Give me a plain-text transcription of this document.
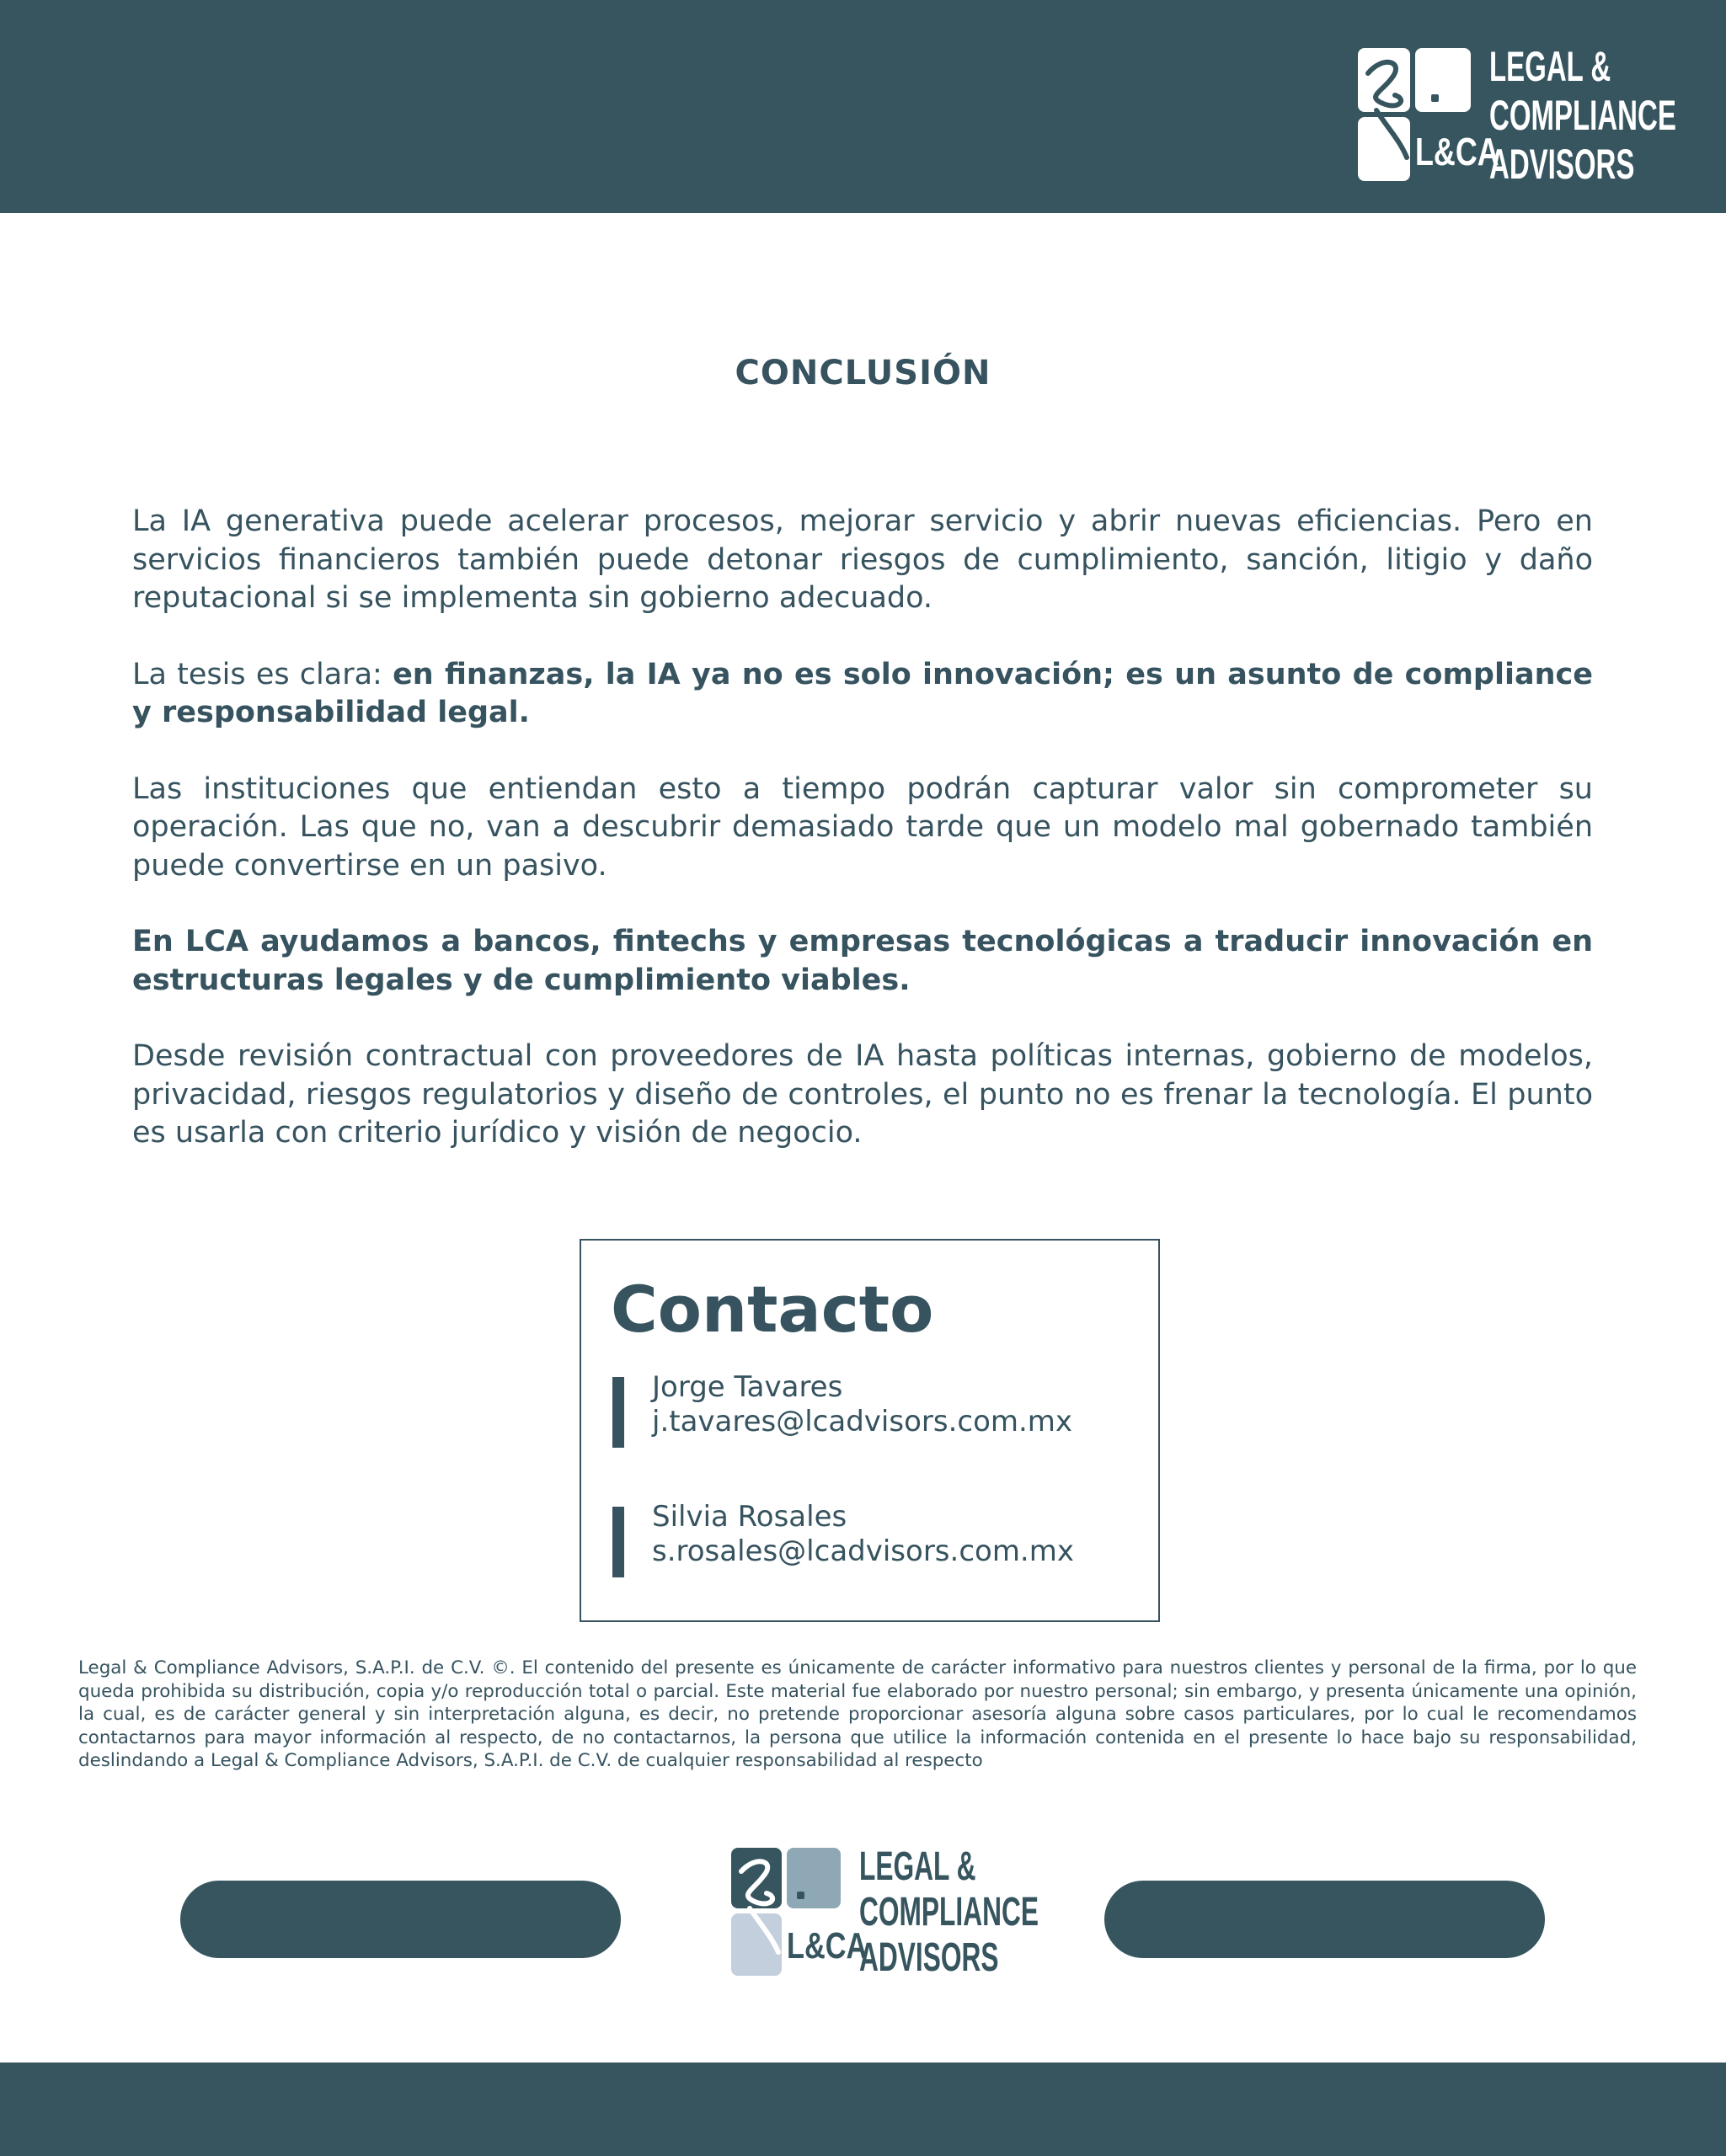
L&CA
LEGAL &
COMPLIANCE
ADVISORS
CONCLUSIÓN

La IA generativa puede acelerar procesos, mejorar servicio y abrir nuevas eficiencias. Pero en servicios financieros también puede detonar riesgos de cumplimiento, sanción, litigio y daño reputacional si se implementa sin gobierno adecuado.

La tesis es clara: en finanzas, la IA ya no es solo innovación; es un asunto de compliance y responsabilidad legal.

Las instituciones que entiendan esto a tiempo podrán capturar valor sin comprometer su operación. Las que no, van a descubrir demasiado tarde que un modelo mal gobernado también puede convertirse en un pasivo.

En LCA ayudamos a bancos, fintechs y empresas tecnológicas a traducir innovación en estructuras legales y de cumplimiento viables.

Desde revisión contractual con proveedores de IA hasta políticas internas, gobierno de modelos, privacidad, riesgos regulatorios y diseño de controles, el punto no es frenar la tecnología. El punto es usarla con criterio jurídico y visión de negocio.

Contacto
Jorge Tavares
j.tavares@lcadvisors.com.mx
Silvia Rosales
s.rosales@lcadvisors.com.mx

Legal & Compliance Advisors, S.A.P.I. de C.V. ©. El contenido del presente es únicamente de carácter informativo para nuestros clientes y personal de la firma, por lo que queda prohibida su distribución, copia y/o reproducción total o parcial. Este material fue elaborado por nuestro personal; sin embargo, y presenta únicamente una opinión, la cual, es de carácter general y sin interpretación alguna, es decir, no pretende proporcionar asesoría alguna sobre casos particulares, por lo cual le recomendamos contactarnos para mayor información al respecto, de no contactarnos, la persona que utilice la información contenida en el presente lo hace bajo su responsabilidad, deslindando a Legal & Compliance Advisors, S.A.P.I. de C.V. de cualquier responsabilidad al respecto

L&CA
LEGAL &
COMPLIANCE
ADVISORS
